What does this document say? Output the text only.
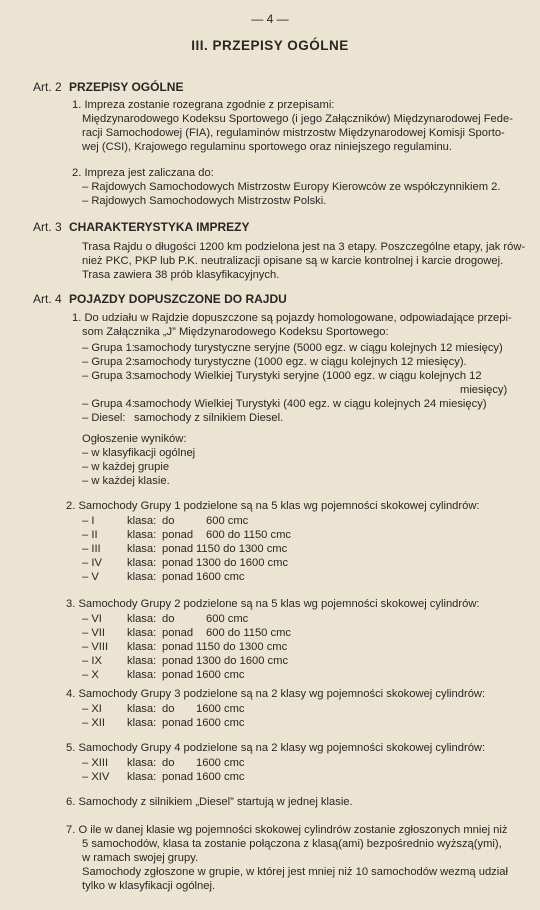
— 4 —
III. PRZEPISY OGÓLNE
Art. 2 PRZEPISY OGÓLNE
1. Impreza zostanie rozegrana zgodnie z przepisami:
Międzynarodowego Kodeksu Sportowego (i jego Załączników) Międzynarodowej Fede-
racji Samochodowej (FIA), regulaminów mistrzostw Międzynarodowej Komisji Sporto-
wej (CSI), Krajowego regulaminu sportowego oraz niniejszego regulaminu.
2. Impreza jest zaliczana do:
– Rajdowych Samochodowych Mistrzostw Europy Kierowców ze współczynnikiem 2.
– Rajdowych Samochodowych Mistrzostw Polski.
Art. 3 CHARAKTERYSTYKA IMPREZY
Trasa Rajdu o długości 1200 km podzielona jest na 3 etapy. Poszczególne etapy, jak rów-
nież PKC, PKP lub P.K. neutralizacji opisane są w karcie kontrolnej i karcie drogowej.
Trasa zawiera 38 prób klasyfikacyjnych.
Art. 4 POJAZDY DOPUSZCZONE DO RAJDU
1. Do udziału w Rajdzie dopuszczone są pojazdy homologowane, odpowiadające przepi-
som Załącznika „J” Międzynarodowego Kodeksu Sportowego:
– Grupa 1: samochody turystyczne seryjne (5000 egz. w ciągu kolejnych 12 miesięcy)
– Grupa 2: samochody turystyczne (1000 egz. w ciągu kolejnych 12 miesięcy).
– Grupa 3: samochody Wielkiej Turystyki seryjne (1000 egz. w ciągu kolejnych 12
miesięcy)
– Grupa 4: samochody Wielkiej Turystyki (400 egz. w ciągu kolejnych 24 miesięcy)
– Diesel: samochody z silnikiem Diesel.
Ogłoszenie wyników:
– w klasyfikacji ogólnej
– w każdej grupie
– w każdej klasie.
2. Samochody Grupy 1 podzielone są na 5 klas wg pojemności skokowej cylindrów:
– I	klasa: do	600 cmc
– II	klasa: ponad 600 do 1150 cmc
– III klasa: ponad 1150 do 1300 cmc
– IV klasa: ponad 1300 do 1600 cmc
– V	klasa: ponad 1600 cmc
3. Samochody Grupy 2 podzielone są na 5 klas wg pojemności skokowej cylindrów:
– VI klasa: do	600 cmc
– VII klasa: ponad 600 do 1150 cmc
– VIII klasa: ponad 1150 do 1300 cmc
– IX klasa: ponad 1300 do 1600 cmc
– X	klasa: ponad 1600 cmc
4. Samochody Grupy 3 podzielone są na 2 klasy wg pojemności skokowej cylindrów:
– XI klasa: do 1600 cmc
– XII klasa: ponad 1600 cmc
5. Samochody Grupy 4 podzielone są na 2 klasy wg pojemności skokowej cylindrów:
– XIII klasa: do 1600 cmc
– XIV klasa: ponad 1600 cmc
6. Samochody z silnikiem „Diesel” startują w jednej klasie.
7. O ile w danej klasie wg pojemności skokowej cylindrów zostanie zgłoszonych mniej niż
5 samochodów, klasa ta zostanie połączona z klasą(ami) bezpośrednio wyższą(ymi),
w ramach swojej grupy.
Samochody zgłoszone w grupie, w której jest mniej niż 10 samochodów wezmą udział
tylko w klasyfikacji ogólnej.
